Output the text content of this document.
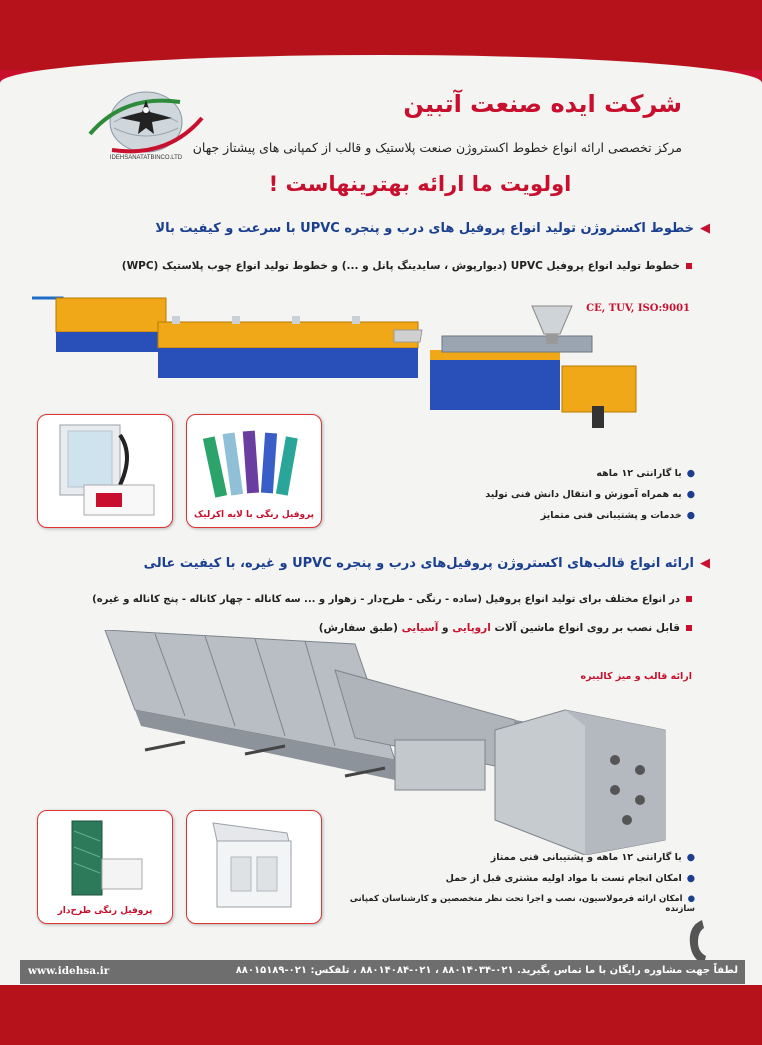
IDEHSANATATBINCO.LTD
شرکت ایده صنعت آتبین
مرکز تخصصی ارائه انواع خطوط اکستروژن صنعت پلاستیک و قالب از کمپانی های پیشتاز جهان
اولویت ما ارائه بهترینهاست !
◀خطوط اکستروژن تولید انواع پروفیل های درب و پنجره UPVC با سرعت و کیفیت بالا
خطوط تولید انواع پروفیل UPVC (دیوارپوش ، سایدینگ پانل و ...) و خطوط تولید انواع چوب پلاستیک (WPC)
CE, TUV, ISO:9001
پروفیل رنگی با لایه اکرلیک
●با گارانتی ۱۲ ماهه
●به همراه آموزش و انتقال دانش فنی تولید
●خدمات و پشتیبانی فنی متمایز
◀ارائه انواع قالب‌های اکستروژن پروفیل‌های درب و پنجره UPVC و غیره، با کیفیت عالی
در انواع مختلف برای تولید انواع پروفیل (ساده - رنگی - طرح‌دار - زهوار و ... سه کاناله - چهار کاناله - پنج کاناله و غیره)
قابل نصب بر روی انواع ماشین آلات اروپایی و آسیایی (طبق سفارش)
ارائه قالب و میز کالیبره
پروفیل رنگی طرح‌دار
●با گارانتی ۱۲ ماهه و پشتیبانی فنی ممتاز
●امکان انجام تست با مواد اولیه مشتری قبل از حمل
●امکان ارائه فرمولاسیون، نصب و اجرا تحت نظر متخصصین و کارشناسان کمپانی سازنده
www.idehsa.ir	لطفاً جهت مشاوره رایگان با ما تماس بگیرید. ۰۲۱-۸۸۰۱۴۰۳۴ ، ۰۲۱-۸۸۰۱۴۰۸۴ ، تلفکس: ۰۲۱-۸۸۰۱۵۱۸۹
